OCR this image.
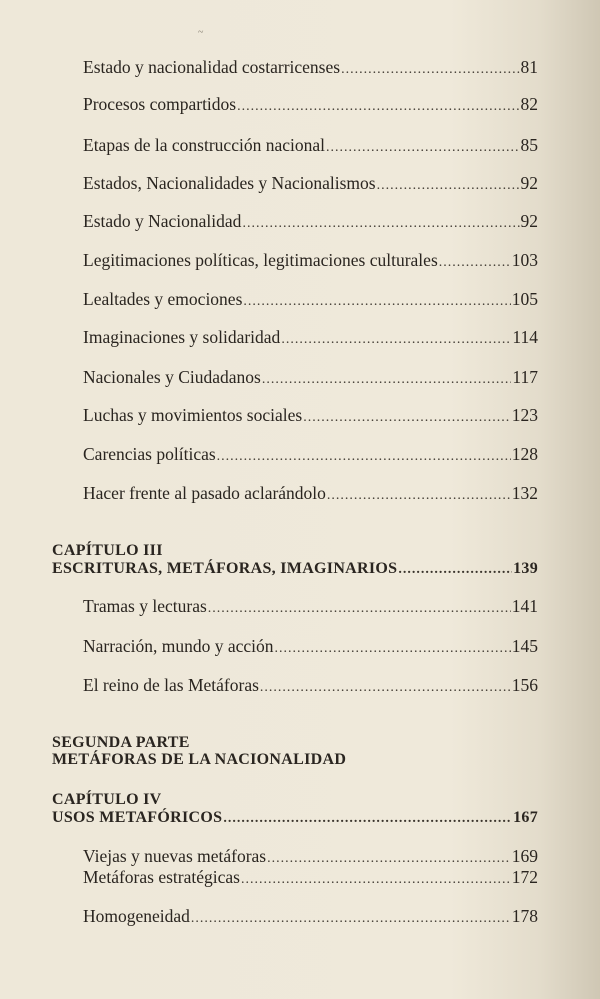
~
Estado y nacionalidad costarricenses .....	81
Procesos compartidos .....	82
Etapas de la construcción nacional .....	85
Estados, Nacionalidades y Nacionalismos .....	92
Estado y Nacionalidad .....	92
Legitimaciones políticas, legitimaciones culturales .....	103
Lealtades y emociones .....	105
Imaginaciones y solidaridad .....	114
Nacionales y Ciudadanos .....	117
Luchas y movimientos sociales .....	123
Carencias políticas .....	128
Hacer frente al pasado aclarándolo .....	132
CAPÍTULO III
ESCRITURAS, METÁFORAS, IMAGINARIOS .....	139
Tramas y lecturas .....	141
Narración, mundo y acción .....	145
El reino de las Metáforas .....	156
SEGUNDA PARTE
METÁFORAS DE LA NACIONALIDAD
CAPÍTULO IV
USOS METAFÓRICOS .....	167
Viejas y nuevas metáforas .....	169
Metáforas estratégicas .....	172
Homogeneidad .....	178
